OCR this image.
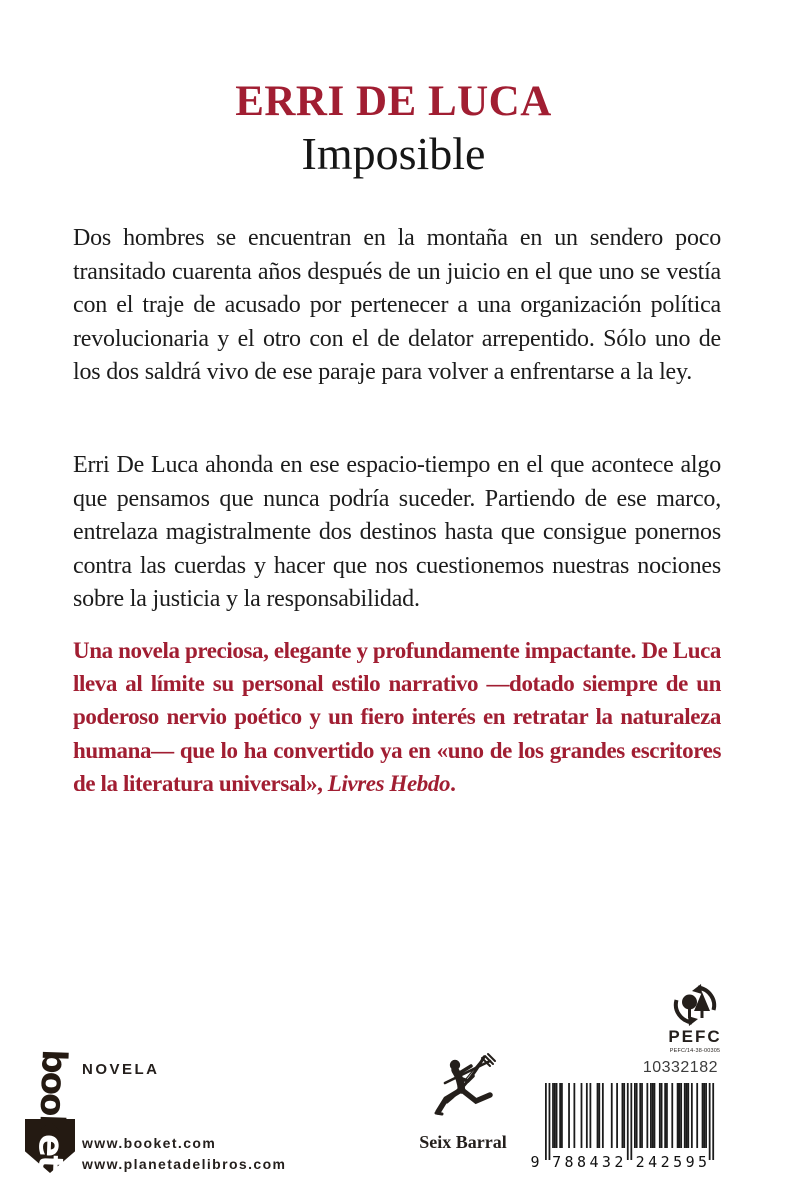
ERRI DE LUCA
Imposible

Dos hombres se encuentran en la montaña en un sendero poco transitado cuarenta años después de un juicio en el que uno se vestía con el traje de acusado por pertenecer a una organización política revolucionaria y el otro con el de delator arrepentido. Sólo uno de los dos saldrá vivo de ese paraje para volver a enfrentarse a la ley.

Erri De Luca ahonda en ese espacio-tiempo en el que acontece algo que pensamos que nunca podría suceder. Partiendo de ese marco, entrelaza magistralmente dos destinos hasta que consigue ponernos contra las cuerdas y hacer que nos cuestionemos nuestras nociones sobre la justicia y la responsabilidad.

Una novela preciosa, elegante y profundamente impactante. De Luca lleva al límite su personal estilo narrativo —dotado siempre de un poderoso nervio poético y un fiero interés en retratar la naturaleza humana— que lo ha convertido ya en «uno de los grandes escritores de la literatura universal», Livres Hebdo.

booket
NOVELA
www.booket.com
www.planetadelibros.com
Seix Barral
PEFC
PEFC/14-38-00305
10332182
9 7 8 8 4 3 2 2 4 2 5 9 5
